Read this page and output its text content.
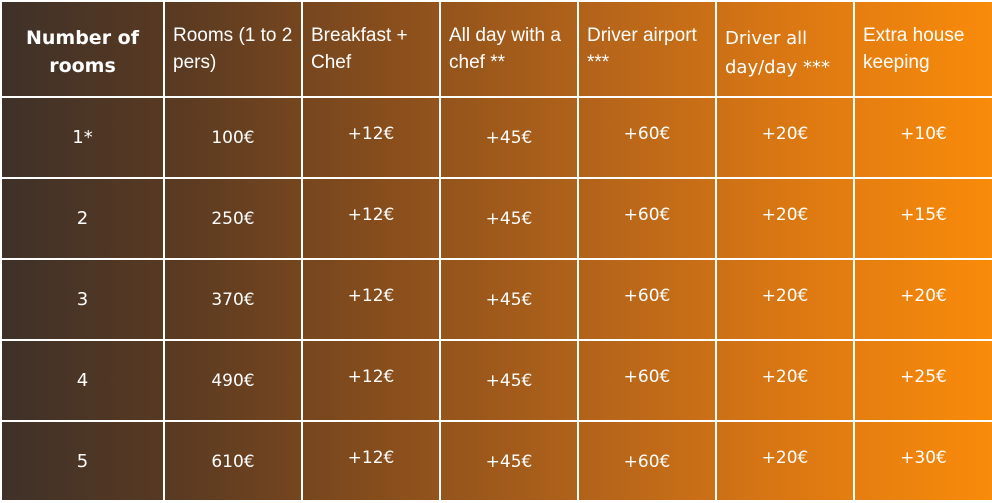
Number of rooms	Rooms (1 to 2 pers)	Breakfast + Chef	All day with a chef **	Driver airport ***	Driver all day/day ***	Extra house keeping
1*	100€	+12€	+45€	+60€	+20€	+10€
2	250€	+12€	+45€	+60€	+20€	+15€
3	370€	+12€	+45€	+60€	+20€	+20€
4	490€	+12€	+45€	+60€	+20€	+25€
5	610€	+12€	+45€	+60€	+20€	+30€
